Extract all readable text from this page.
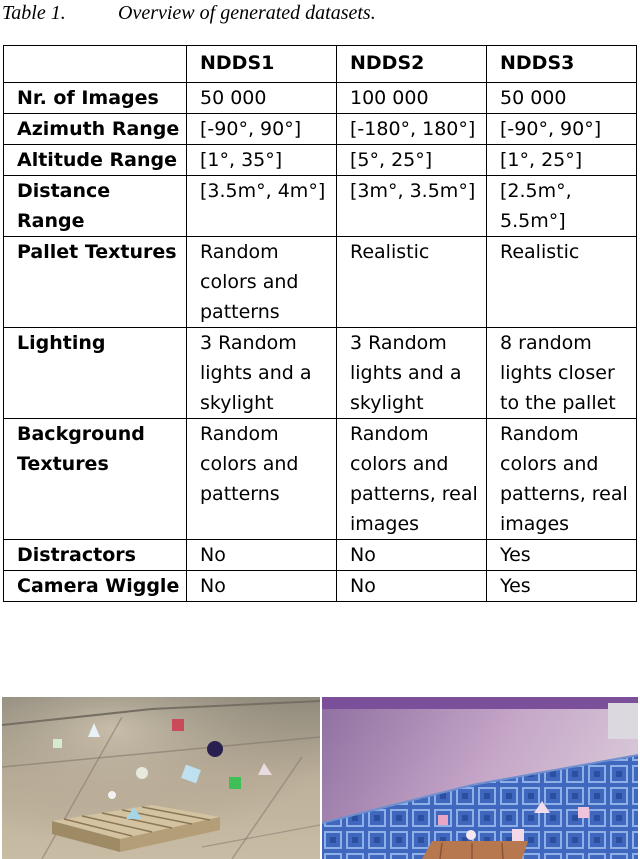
Table 1.	Overview of generated datasets.
	NDDS1	NDDS2	NDDS3
Nr. of Images	50 000	100 000	50 000
Azimuth Range	[-90°, 90°]	[-180°, 180°]	[-90°, 90°]
Altitude Range	[1°, 35°]	[5°, 25°]	[1°, 25°]
Distance Range	[3.5m°, 4m°]	[3m°, 3.5m°]	[2.5m°, 5.5m°]
Pallet Textures	Random colors and patterns	Realistic	Realistic
Lighting	3 Random lights and a skylight	3 Random lights and a skylight	8 random lights closer to the pallet
Background Textures	Random colors and patterns	Random colors and patterns, real images	Random colors and patterns, real images
Distractors	No	No	Yes
Camera Wiggle	No	No	Yes
